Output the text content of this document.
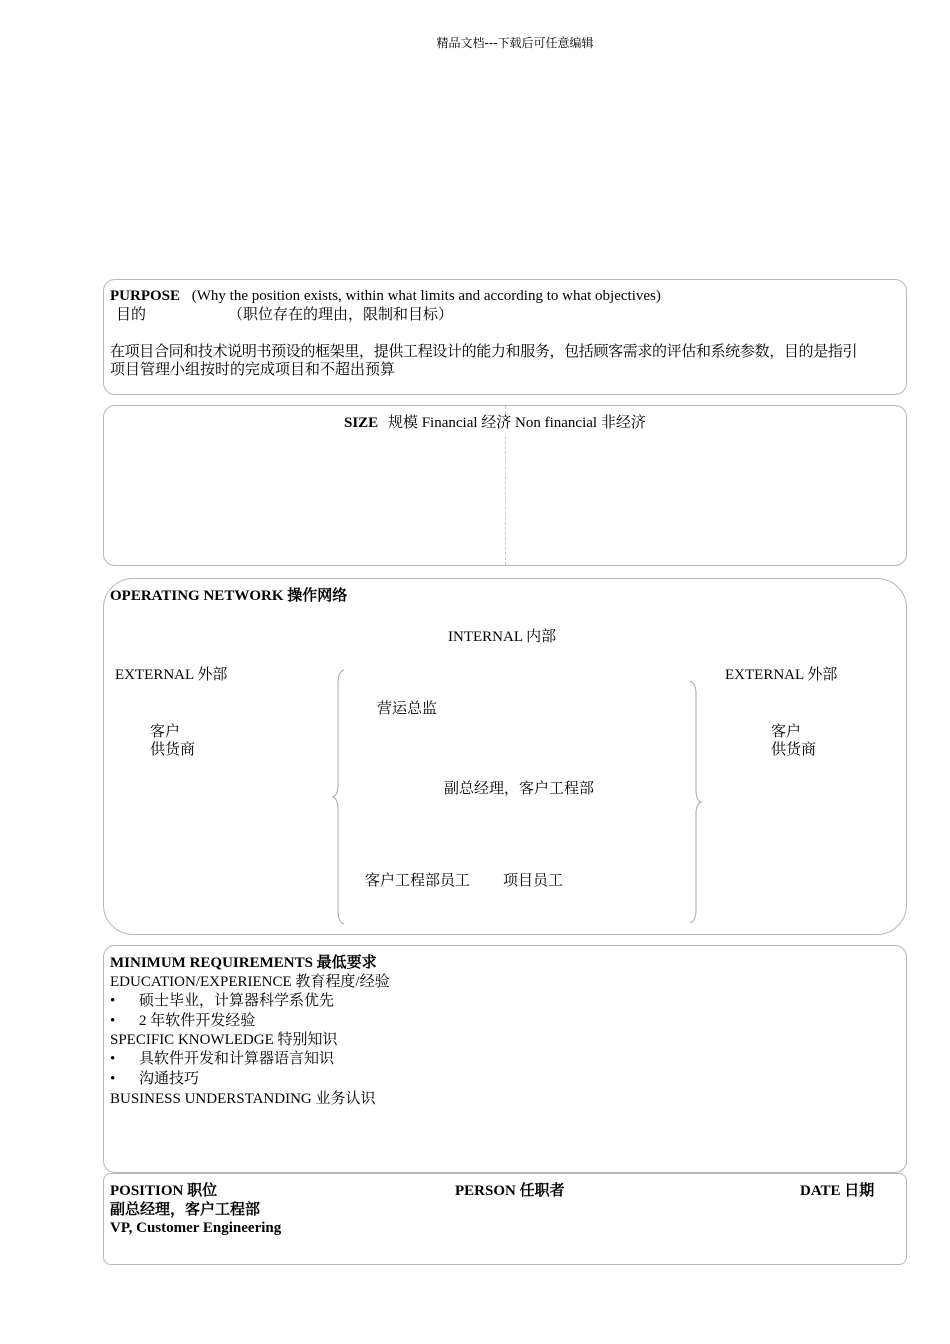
精品文档---下载后可任意编辑
PURPOSE (Why the position exists, within what limits and according to what objectives)
目的	（职位存在的理由，限制和目标）
在项目合同和技术说明书预设的框架里，提供工程设计的能力和服务，包括顾客需求的评估和系统参数，目的是指引
项目管理小组按时的完成项目和不超出预算
SIZE 规模 Financial 经济 Non financial 非经济
OPERATING NETWORK 操作网络
INTERNAL 内部
EXTERNAL 外部	EXTERNAL 外部
客户
供货商
客户
供货商
营运总监
副总经理，客户工程部
客户工程部员工 项目员工
MINIMUM REQUIREMENTS 最低要求
EDUCATION/EXPERIENCE 教育程度/经验
• 硕士毕业，计算器科学系优先
• 2 年软件开发经验
SPECIFIC KNOWLEDGE 特别知识
• 具软件开发和计算器语言知识
• 沟通技巧
BUSINESS UNDERSTANDING 业务认识
POSITION 职位	PERSON 任职者	DATE 日期
副总经理，客户工程部
VP, Customer Engineering
